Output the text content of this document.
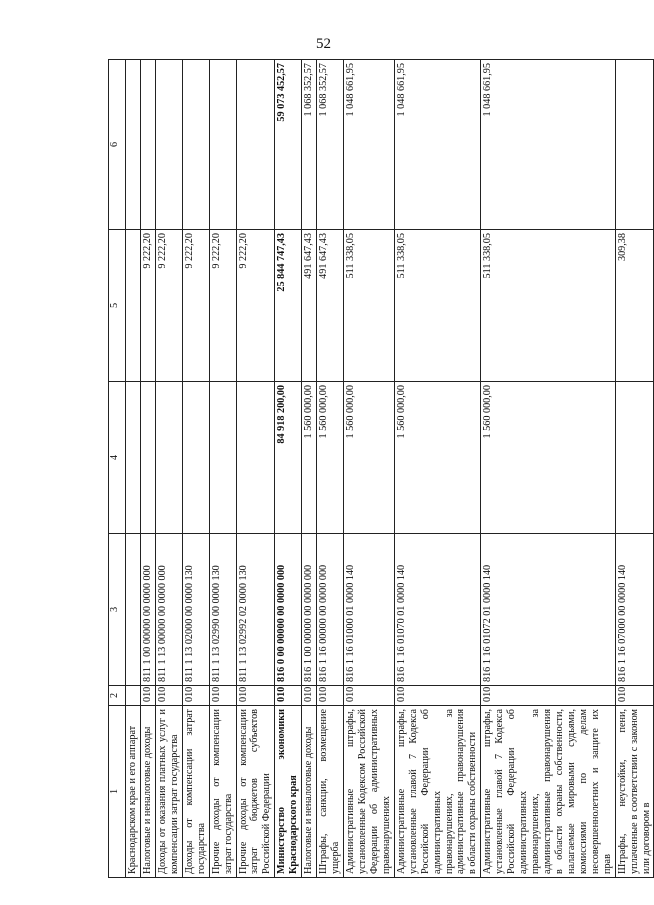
52
1	2	3	4	5	6
Краснодарском крае и его аппарат					
Налоговые и неналоговые доходы	010	811 1 00 00000 00 0000 000		9 222,20	
Доходы от оказания платных услуг и компенсации затрат государства	010	811 1 13 00000 00 0000 000		9 222,20	
Доходы от компенсации затрат государства	010	811 1 13 02000 00 0000 130		9 222,20	
Прочие доходы от компенсации затрат государства	010	811 1 13 02990 00 0000 130		9 222,20	
Прочие доходы от компенсации затрат бюджетов субъектов Российской Федерации	010	811 1 13 02992 02 0000 130		9 222,20	
Министерство экономики Краснодарского края	010	816 0 00 00000 00 0000 000	84 918 200,00	25 844 747,43	59 073 452,57
Налоговые и неналоговые доходы	010	816 1 00 00000 00 0000 000	1 560 000,00	491 647,43	1 068 352,57
Штрафы, санкции, возмещение ущерба	010	816 1 16 00000 00 0000 000	1 560 000,00	491 647,43	1 068 352,57
Административные штрафы, установленные Кодексом Российской Федерации об административных правонарушениях	010	816 1 16 01000 01 0000 140	1 560 000,00	511 338,05	1 048 661,95
Административные штрафы, установленные главой 7 Кодекса Российской Федерации об административных правонарушениях, за административные правонарушения в области охраны собственности	010	816 1 16 01070 01 0000 140	1 560 000,00	511 338,05	1 048 661,95
Административные штрафы, установленные главой 7 Кодекса Российской Федерации об административных правонарушениях, за административные правонарушения в области охраны собственности, налагаемые мировыми судьями, комиссиями по делам несовершеннолетних и защите их прав	010	816 1 16 01072 01 0000 140	1 560 000,00	511 338,05	1 048 661,95
Штрафы, неустойки, пени, уплаченные в соответствии с законом или договором в	010	816 1 16 07000 00 0000 140		309,38	
